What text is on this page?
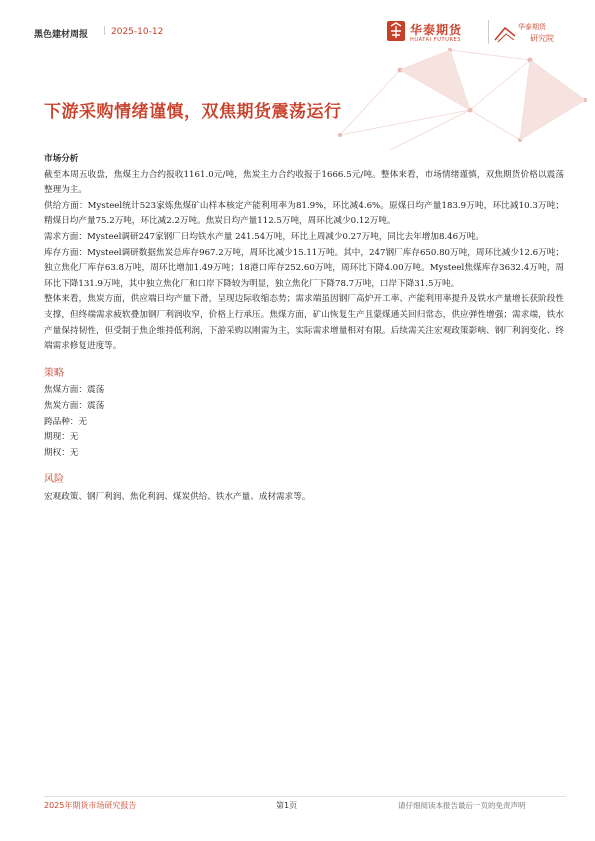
黑色建材周报 | 2025-10-12	华泰期货
HUATAI FUTURES
华泰期货
研究院
下游采购情绪谨慎，双焦期货震荡运行
市场分析

截至本周五收盘，焦煤主力合约报收1161.0元/吨，焦炭主力合约收报于1666.5元/吨。整体来看，市场情绪谨慎，双焦期货价格以震荡整理为主。

供给方面：Mysteel统计523家炼焦煤矿山样本核定产能利用率为81.9%，环比减4.6%。原煤日均产量183.9万吨，环比减10.3万吨；精煤日均产量75.2万吨，环比减2.2万吨。焦炭日均产量112.5万吨，周环比减少0.12万吨。

需求方面：Mysteel调研247家钢厂日均铁水产量 241.54万吨，环比上周减少0.27万吨，同比去年增加8.46万吨。

库存方面：Mysteel调研数据焦炭总库存967.2万吨，周环比减少15.11万吨。其中，247钢厂库存650.80万吨，周环比减少12.6万吨；独立焦化厂库存63.8万吨，周环比增加1.49万吨；18港口库存252.60万吨，周环比下降4.00万吨。Mysteel焦煤库存3632.4万吨，周环比下降131.9万吨，其中独立焦化厂和口岸下降较为明显，独立焦化厂下降78.7万吨，口岸下降31.5万吨。

整体来看，焦炭方面，供应端日均产量下滑，呈现边际收缩态势；需求端虽因钢厂高炉开工率、产能利用率提升及铁水产量增长获阶段性支撑，但终端需求疲软叠加钢厂利润收窄，价格上行承压。焦煤方面，矿山恢复生产且蒙煤通关回归常态，供应弹性增强；需求端，铁水产量保持韧性，但受制于焦企维持低利润，下游采购以刚需为主，实际需求增量相对有限。后续需关注宏观政策影响、钢厂利润变化、终端需求修复进度等。

策略
焦煤方面：震荡
焦炭方面：震荡
跨品种：无
期现：无
期权：无
风险
宏观政策、钢厂利润、焦化利润、煤炭供给、铁水产量、成材需求等。
2025年期货市场研究报告	第1页	请仔细阅读本报告最后一页的免责声明
